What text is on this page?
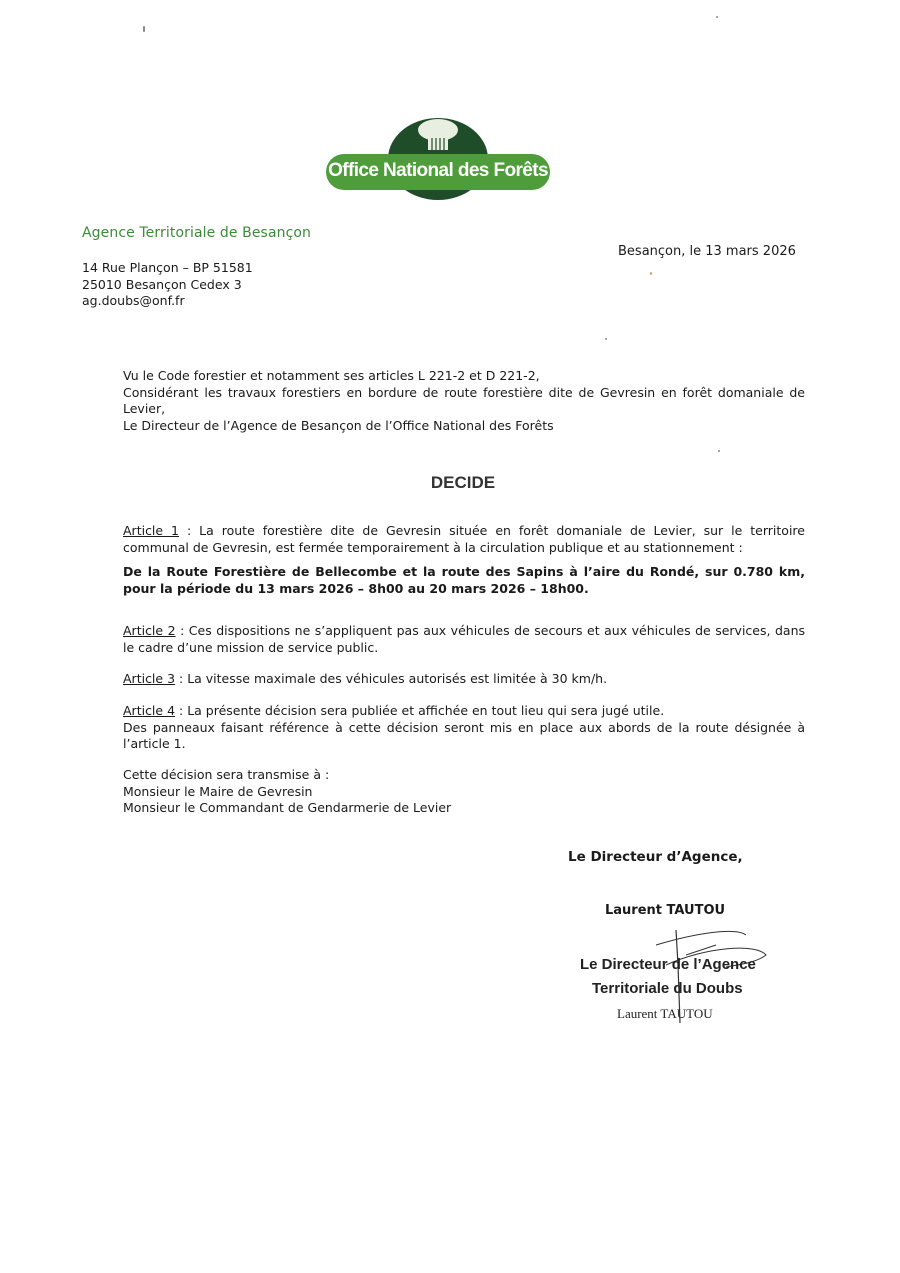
Office National des Forêts
Agence Territoriale de Besançon
Besançon, le 13 mars 2026
14 Rue Plançon – BP 51581
25010 Besançon Cedex 3
ag.doubs@onf.fr
Vu le Code forestier et notamment ses articles L 221-2 et D 221-2,
Considérant les travaux forestiers en bordure de route forestière dite de Gevresin en forêt domaniale de Levier,
Le Directeur de l’Agence de Besançon de l’Office National des Forêts
DECIDE
Article 1 : La route forestière dite de Gevresin située en forêt domaniale de Levier, sur le territoire communal de Gevresin, est fermée temporairement à la circulation publique et au stationnement :
De la Route Forestière de Bellecombe et la route des Sapins à l’aire du Rondé, sur 0.780 km, pour la période du 13 mars 2026 – 8h00 au 20 mars 2026 – 18h00.
Article 2 : Ces dispositions ne s’appliquent pas aux véhicules de secours et aux véhicules de services, dans le cadre d’une mission de service public.
Article 3 : La vitesse maximale des véhicules autorisés est limitée à 30 km/h.
Article 4 : La présente décision sera publiée et affichée en tout lieu qui sera jugé utile.
Des panneaux faisant référence à cette décision seront mis en place aux abords de la route désignée à l’article 1.
Cette décision sera transmise à :
Monsieur le Maire de Gevresin
Monsieur le Commandant de Gendarmerie de Levier
Le Directeur d’Agence,
Laurent TAUTOU
Le Directeur de l’Agence
Territoriale du Doubs
Laurent TAUTOU
